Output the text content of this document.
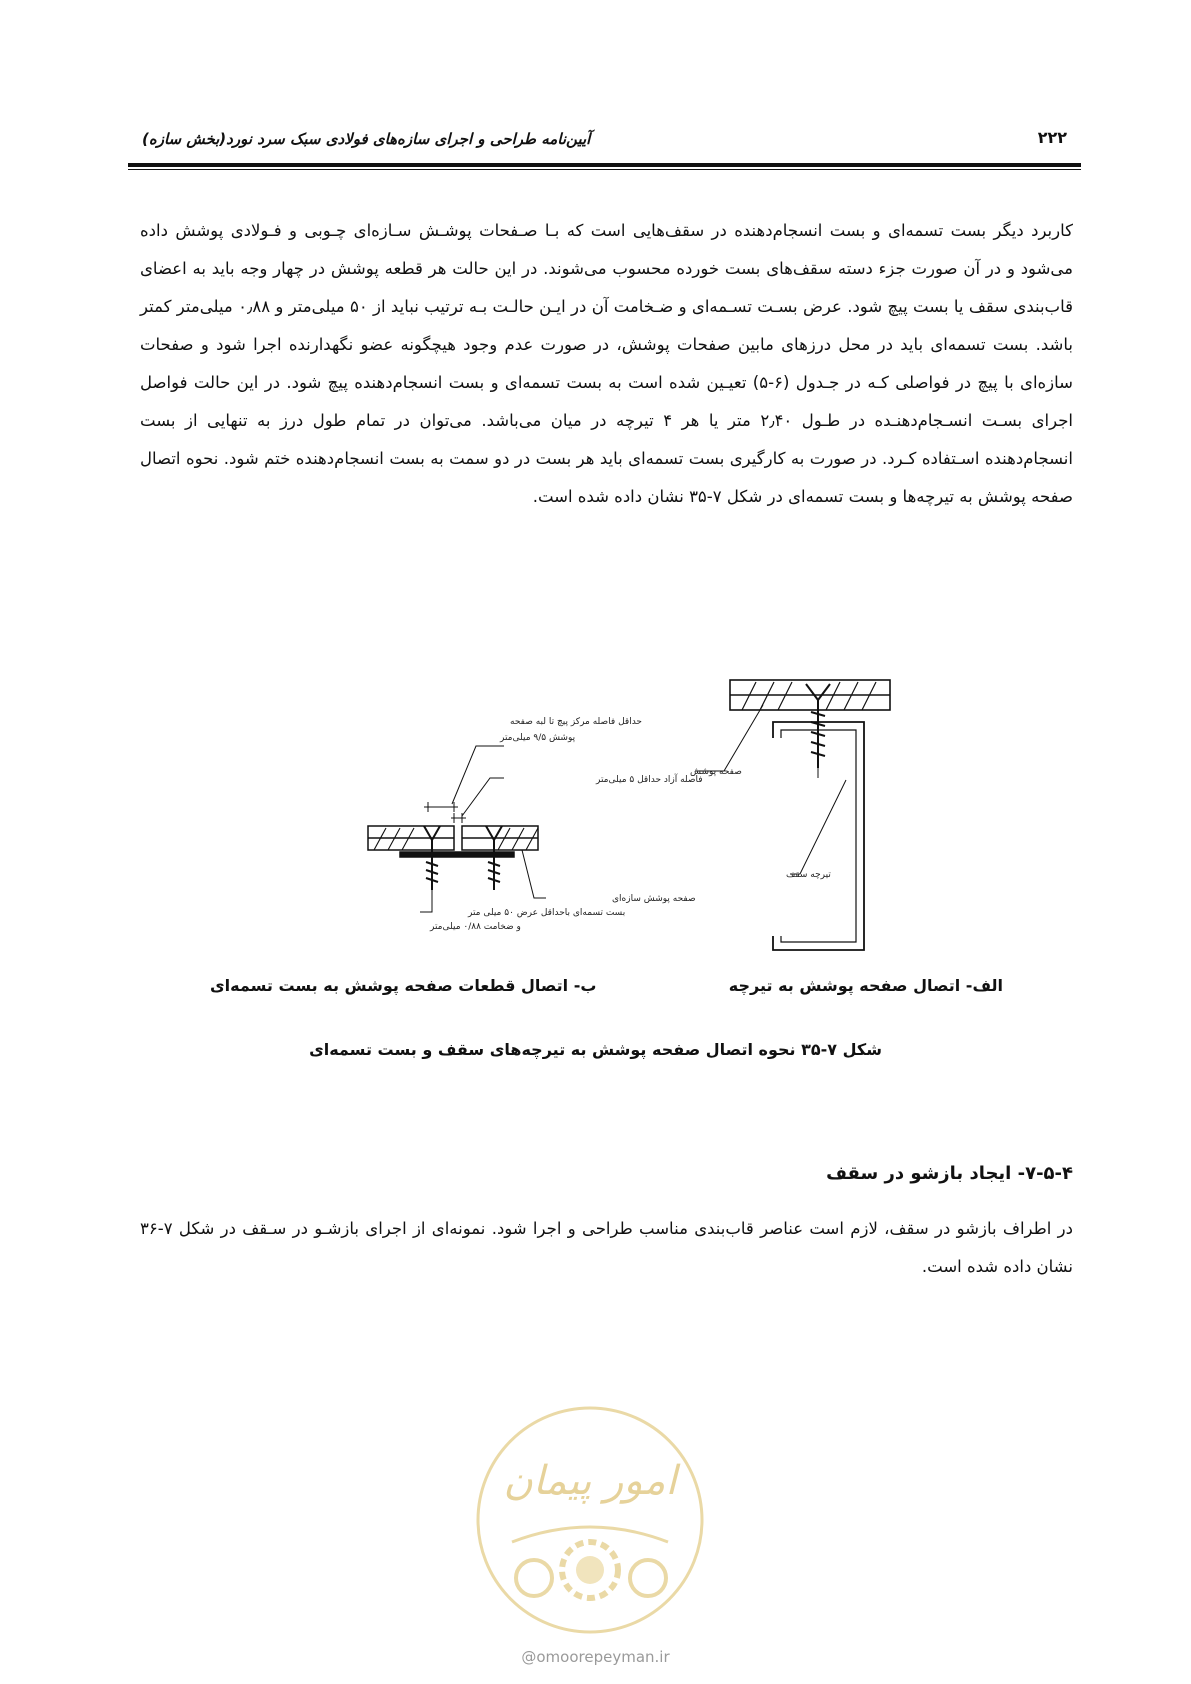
۲۲۲
آیین‌نامه طراحی و اجرای سازه‌های فولادی سبک سرد نورد(بخش سازه)
کاربرد دیگر بست تسمه‌ای و بست انسجام‌دهنده در سقف‌هایی است که بـا صـفحات پوشـش سـازه‌ای چـوبی و فـولادی پوشش داده می‌شود و در آن صورت جزء دسته سقف‌های بست خورده محسوب می‌شوند. در این حالت هر قطعه پوشش در چهار وجه باید به اعضای قاب‌بندی سقف یا بست پیچ شود. عرض بسـت تسـمه‌ای و ضـخامت آن در ایـن حالـت بـه ترتیب نباید از ۵۰ میلی‌متر و ۰٫۸۸ میلی‌متر کمتر باشد. بست تسمه‌ای باید در محل درزهای مابین صفحات پوشش، در صورت عدم وجود هیچگونه عضو نگهدارنده اجرا شود و صفحات سازه‌ای با پیچ در فواصلی کـه در جـدول (۶-۵) تعیـین شده است به بست تسمه‌ای و بست انسجام‌دهنده پیچ شود. در این حالت فواصل اجرای بسـت انسـجام‌دهنـده در طـول ۲٫۴۰ متر یا هر ۴ تیرچه در میان می‌باشد. می‌توان در تمام طول درز به تنهایی از بست انسجام‌دهنده اسـتفاده کـرد. در صورت به کارگیری بست تسمه‌ای باید هر بست در دو سمت به بست انسجام‌دهنده ختم شود. نحوه اتصال صفحه پوشش به تیرچه‌ها و بست تسمه‌ای در شکل ۷-۳۵ نشان داده شده است.
صفحه پوشش
تیرچه سقف
حداقل فاصله مرکز پیچ تا لبه صفحه
پوشش ۹/۵ میلی‌متر
فاصله آزاد حداقل ۵ میلی‌متر
صفحه پوشش سازه‌ای
بست تسمه‌ای باحداقل عرض ۵۰ میلی متر
و ضخامت ۰/۸۸ میلی‌متر
الف- اتصال صفحه پوشش به تیرچه
ب- اتصال قطعات صفحه پوشش به بست تسمه‌ای
شکل ۷-۳۵ نحوه اتصال صفحه پوشش به تیرچه‌های سقف و بست تسمه‌ای
۷-۵-۴- ایجاد بازشو در سقف
در اطراف بازشو در سقف، لازم است عناصر قاب‌بندی مناسب طراحی و اجرا شود. نمونه‌ای از اجرای بازشـو در سـقف در شکل ۷-۳۶ نشان داده شده است.
امور پیمان
@omoorepeyman.ir
